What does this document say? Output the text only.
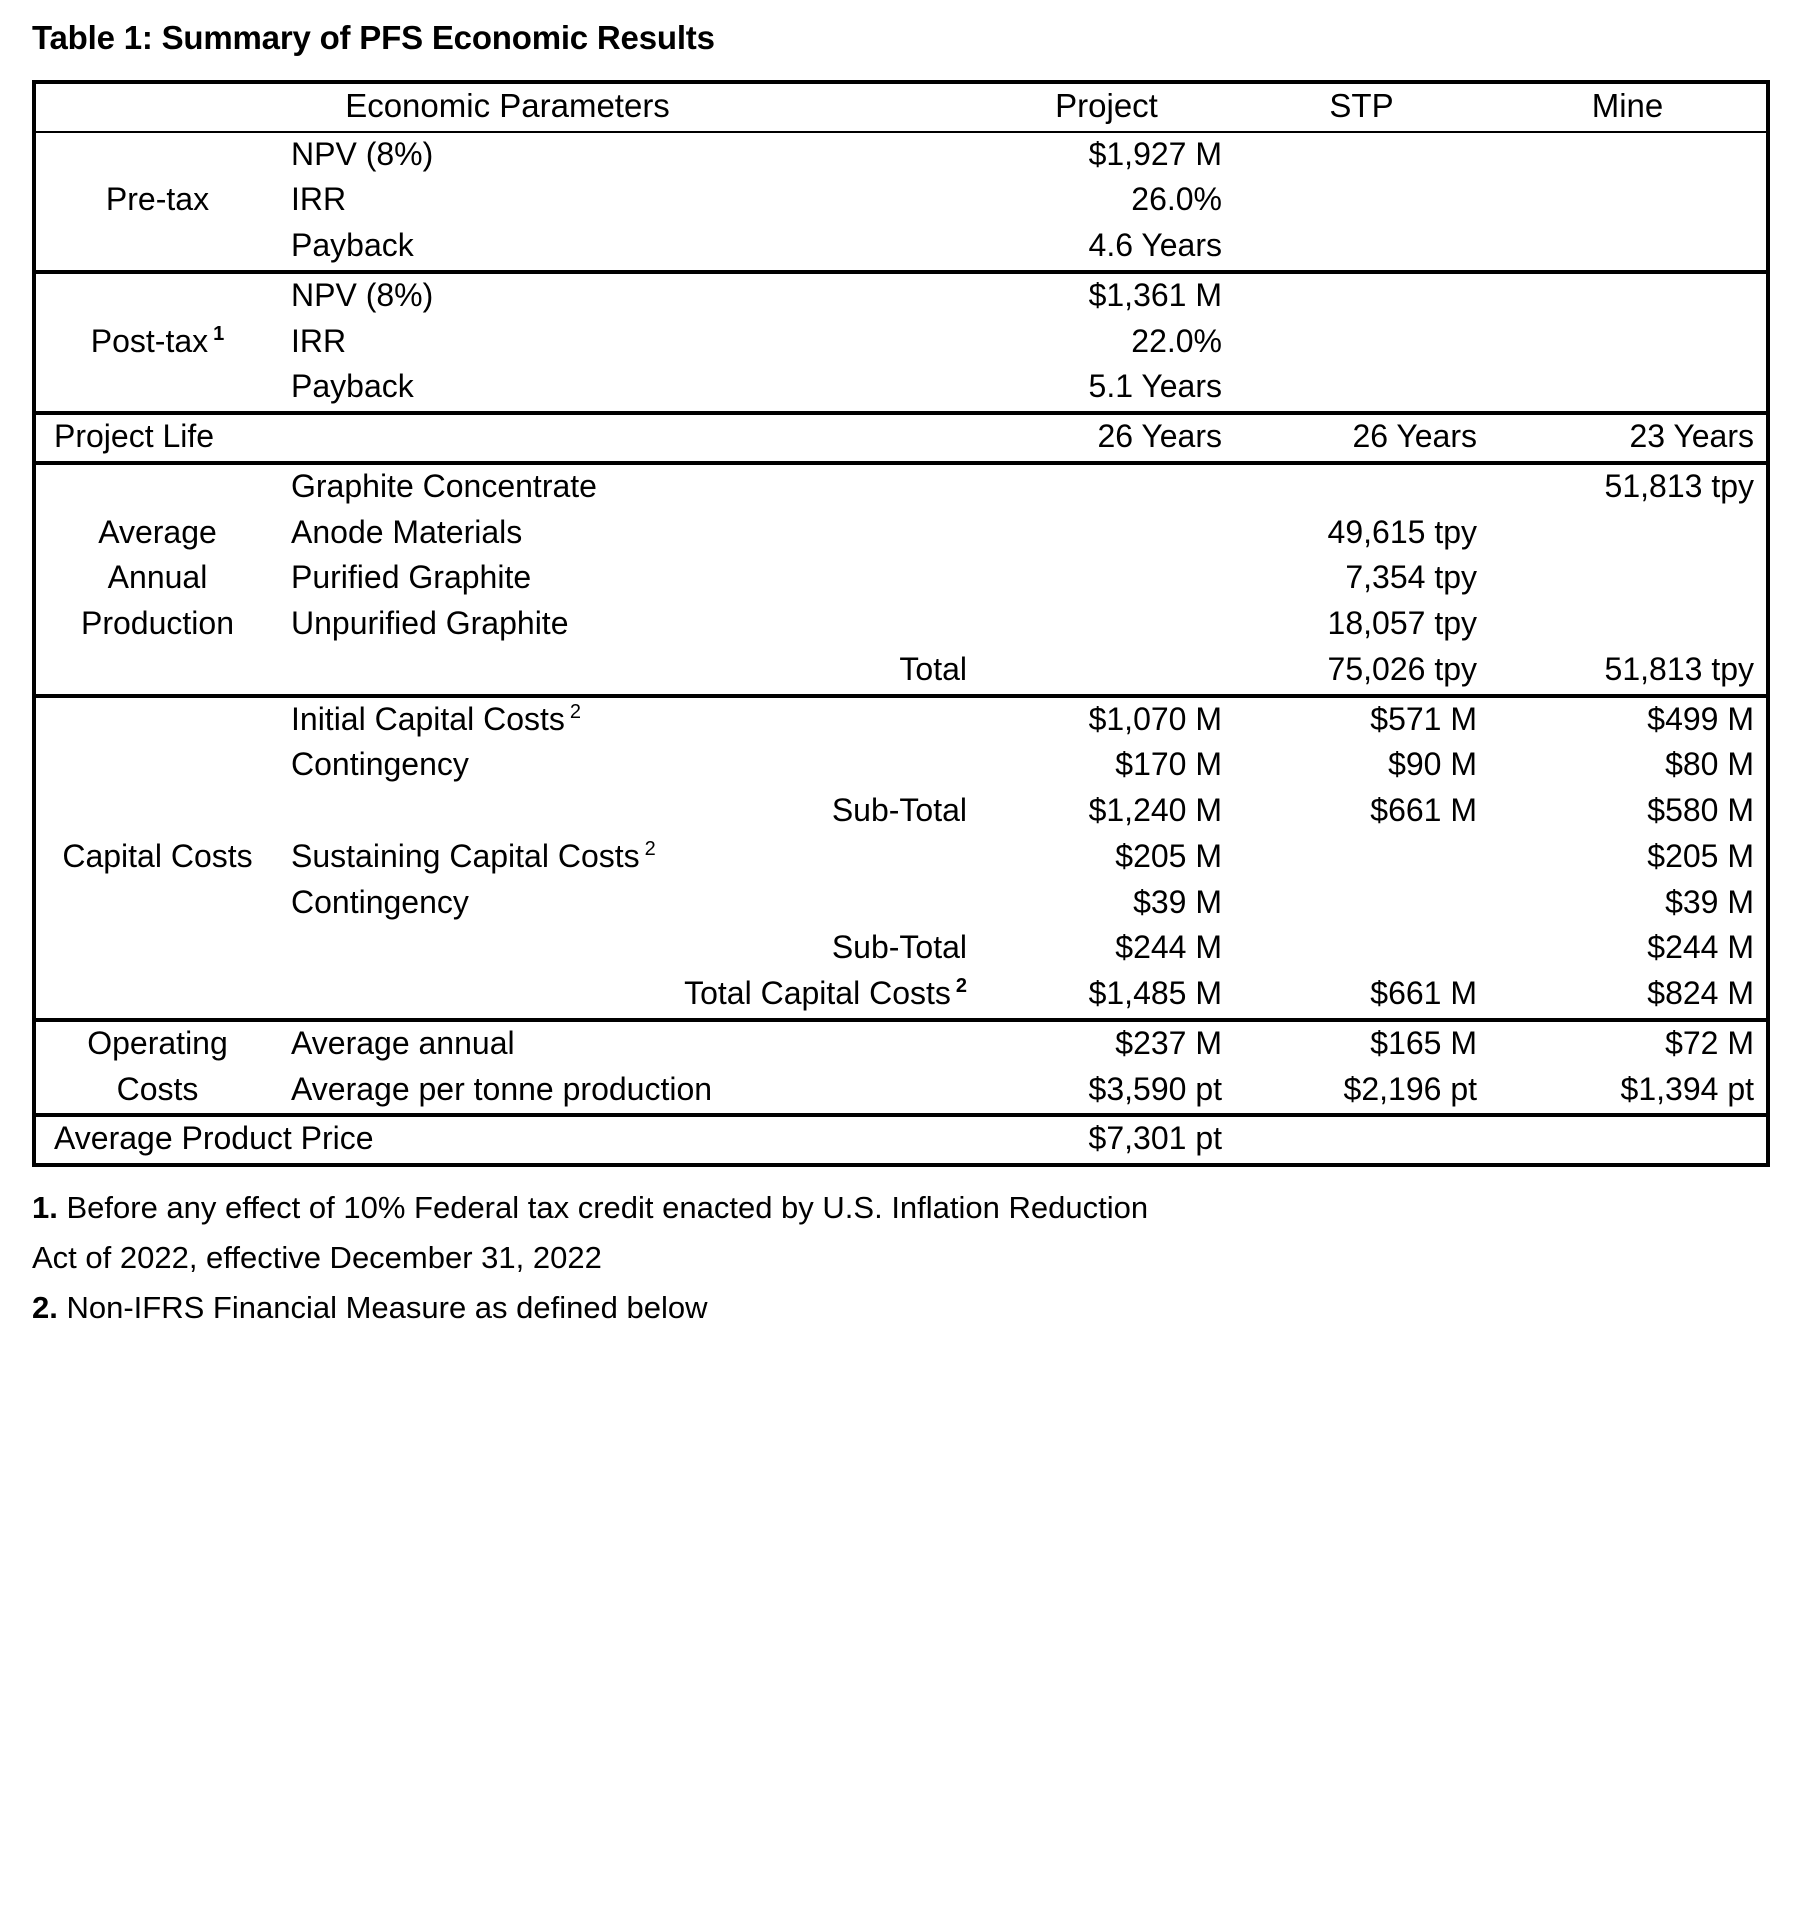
Table 1: Summary of PFS Economic Results
Economic Parameters		Project	STP	Mine
Pre-tax	NPV (8%)	$1,927 M		
	IRR	26.0%		
	Payback	4.6 Years		
Post-tax $^1$	NPV (8%)	$1,361 M		
	IRR	22.0%		
	Payback	5.1 Years		
Project Life		26 Years	26 Years	23 Years
	Graphite Concentrate			51,813 tpy
Average	Anode Materials		49,615 tpy	
Annual	Purified Graphite		7,354 tpy	
Production	Unpurified Graphite		18,057 tpy	
	Total		75,026 tpy	51,813 tpy
	Initial Capital Costs $^2$	$1,070 M	$571 M	$499 M
	Contingency	$170 M	$90 M	$80 M
	Sub-Total	$1,240 M	$661 M	$580 M
Capital Costs	Sustaining Capital Costs $^2$	$205 M		$205 M
	Contingency	$39 M		$39 M
	Sub-Total	$244 M		$244 M
	Total Capital Costs $^2$	$1,485 M	$661 M	$824 M
Operating	Average annual	$237 M	$165 M	$72 M
Costs	Average per tonne production	$3,590 pt	$2,196 pt	$1,394 pt
Average Product Price		$7,301 pt		
1. Before any effect of 10% Federal tax credit enacted by U.S. Inflation Reduction
Act of 2022, effective December 31, 2022
2. Non-IFRS Financial Measure as defined below
